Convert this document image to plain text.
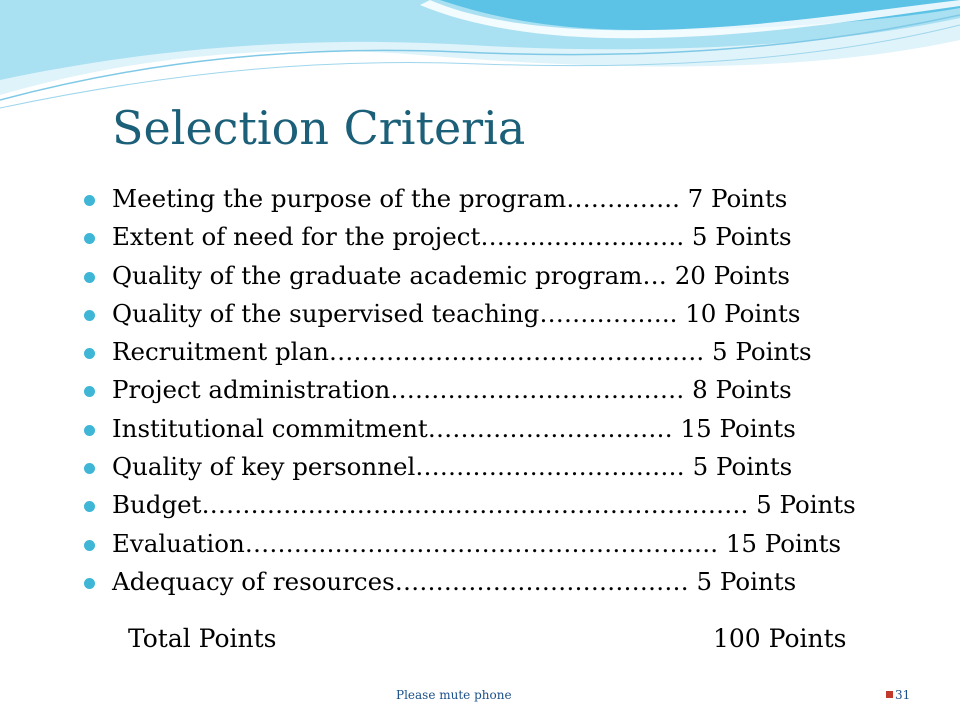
Selection Criteria
Meeting the purpose of the program………….. 7 Points
Extent of need for the project……………………. 5 Points
Quality of the graduate academic program… 20 Points
Quality of the supervised teaching…………….. 10 Points
Recruitment plan………………………………………. 5 Points
Project administration……………………………… 8 Points
Institutional commitment………………………… 15 Points
Quality of key personnel…………………………… 5 Points
Budget…………………………………………………………. 5 Points
Evaluation…………………………………………………. 15 Points
Adequacy of resources……………………………… 5 Points
Total Points	100 Points
Please mute phone	31
